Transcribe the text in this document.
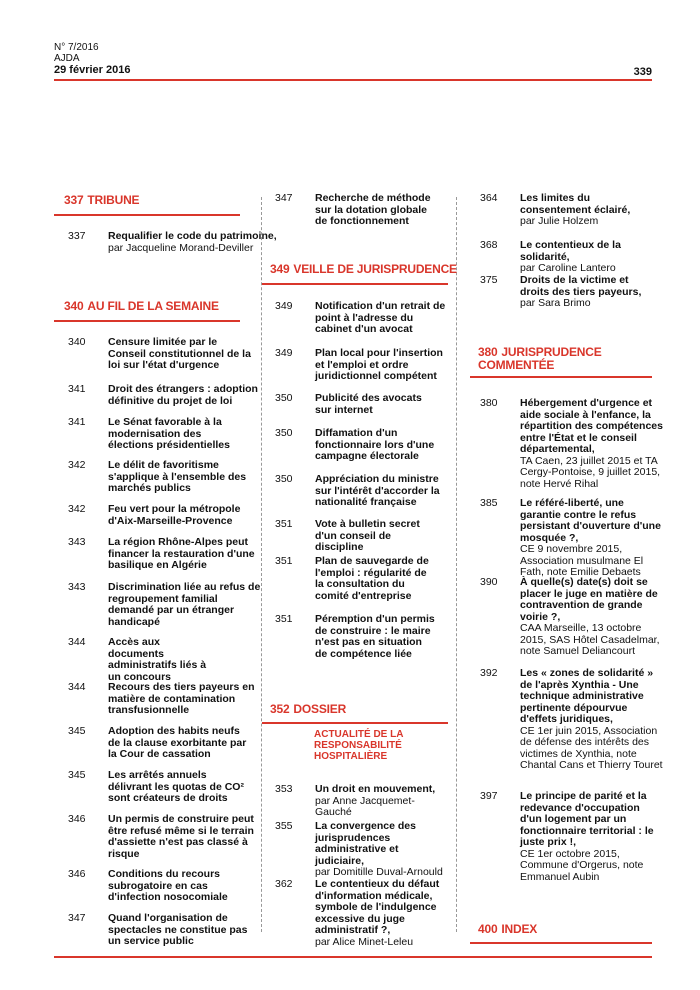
N° 7/2016
AJDA
29 février 2016	339
337 TRIBUNE
337 Requalifier le code du patrimoine,
par Jacqueline Morand-Deviller
340 AU FIL DE LA SEMAINE
340 Censure limitée par le Conseil constitutionnel de la loi sur l'état d'urgence
341 Droit des étrangers : adoption définitive du projet de loi
341 Le Sénat favorable à la modernisation des élections présidentielles
342 Le délit de favoritisme s'applique à l'ensemble des marchés publics
342 Feu vert pour la métropole d'Aix-Marseille-Provence
343 La région Rhône-Alpes peut financer la restauration d'une basilique en Algérie
343 Discrimination liée au refus de regroupement familial demandé par un étranger handicapé
344 Accès aux documents administratifs liés à un concours
344 Recours des tiers payeurs en matière de contamination transfusionnelle
345 Adoption des habits neufs de la clause exorbitante par la Cour de cassation
345 Les arrêtés annuels délivrant les quotas de CO² sont créateurs de droits
346 Un permis de construire peut être refusé même si le terrain d'assiette n'est pas classé à risque
346 Conditions du recours subrogatoire en cas d'infection nosocomiale
347 Quand l'organisation de spectacles ne constitue pas un service public
347 Recherche de méthode sur la dotation globale de fonctionnement
349 VEILLE DE JURISPRUDENCE
349 Notification d'un retrait de point à l'adresse du cabinet d'un avocat
349 Plan local pour l'insertion et l'emploi et ordre juridictionnel compétent
350 Publicité des avocats sur internet
350 Diffamation d'un fonctionnaire lors d'une campagne électorale
350 Appréciation du ministre sur l'intérêt d'accorder la nationalité française
351 Vote à bulletin secret d'un conseil de discipline
351 Plan de sauvegarde de l'emploi : régularité de la consultation du comité d'entreprise
351 Péremption d'un permis de construire : le maire n'est pas en situation de compétence liée
352 DOSSIER
ACTUALITÉ DE LA RESPONSABILITÉ HOSPITALIÈRE
353 Un droit en mouvement,
par Anne Jacquemet-Gauché
355 La convergence des jurisprudences administrative et judiciaire,
par Domitille Duval-Arnould
362 Le contentieux du défaut d'information médicale, symbole de l'indulgence excessive du juge administratif ?,
par Alice Minet-Leleu
364 Les limites du consentement éclairé,
par Julie Holzem
368 Le contentieux de la solidarité,
par Caroline Lantero
375 Droits de la victime et droits des tiers payeurs,
par Sara Brimo
380 JURISPRUDENCE COMMENTÉE
380 Hébergement d'urgence et aide sociale à l'enfance, la répartition des compétences entre l'État et le conseil départemental,
TA Caen, 23 juillet 2015 et TA Cergy-Pontoise, 9 juillet 2015, note Hervé Rihal
385 Le référé-liberté, une garantie contre le refus persistant d'ouverture d'une mosquée ?,
CE 9 novembre 2015, Association musulmane El Fath, note Emilie Debaets
390 À quelle(s) date(s) doit se placer le juge en matière de contravention de grande voirie ?,
CAA Marseille, 13 octobre 2015, SAS Hôtel Casadelmar, note Samuel Deliancourt
392 Les « zones de solidarité » de l'après Xynthia - Une technique administrative pertinente dépourvue d'effets juridiques,
CE 1er juin 2015, Association de défense des intérêts des victimes de Xynthia, note Chantal Cans et Thierry Touret
397 Le principe de parité et la redevance d'occupation d'un logement par un fonctionnaire territorial : le juste prix !,
CE 1er octobre 2015, Commune d'Orgerus, note Emmanuel Aubin
400 INDEX
